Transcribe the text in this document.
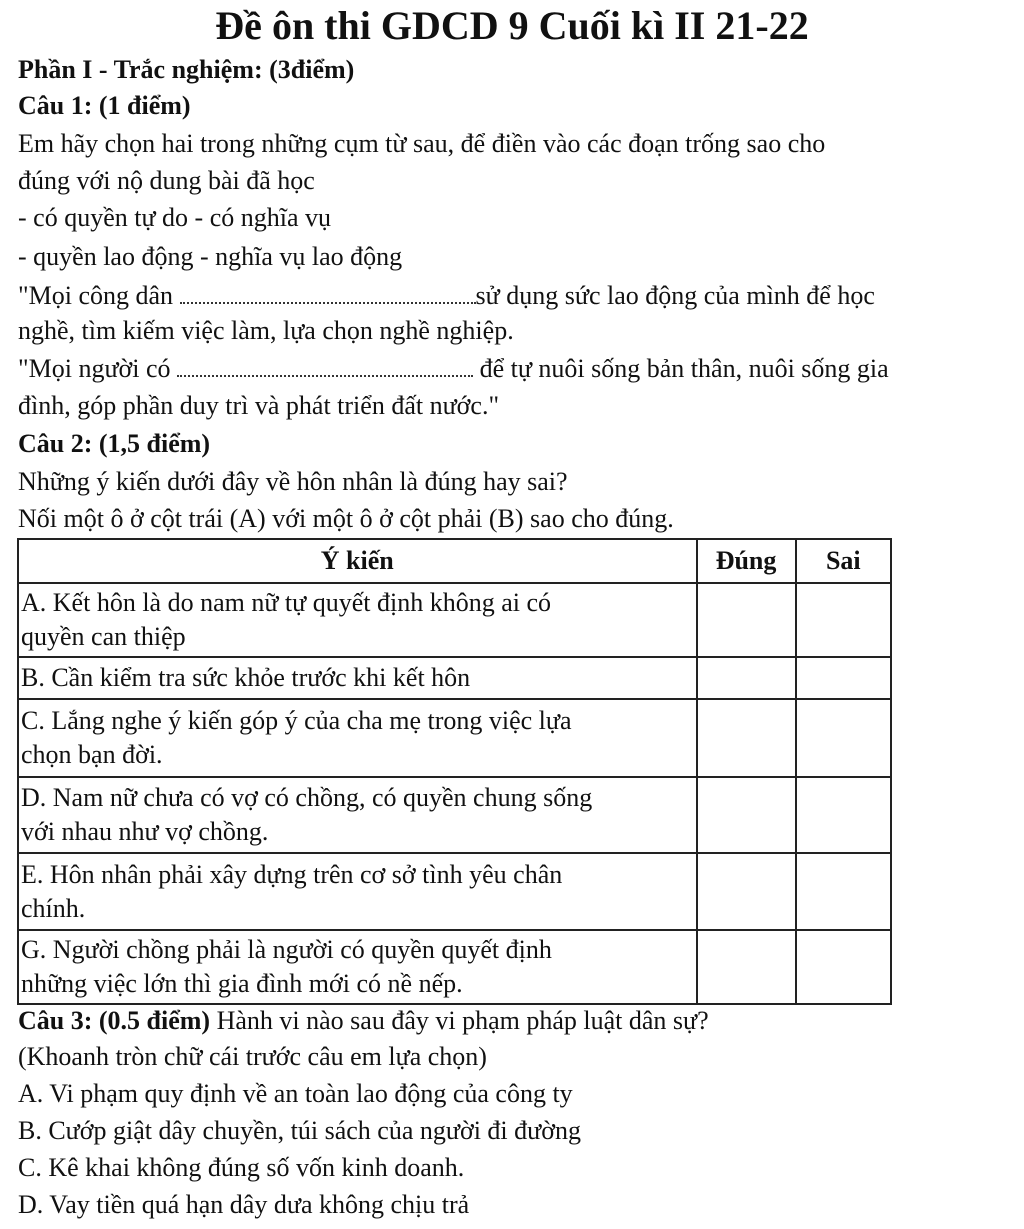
Đề ôn thi GDCD 9 Cuối kì II 21-22
Phần I - Trắc nghiệm: (3điểm)
Câu 1: (1 điểm)
Em hãy chọn hai trong những cụm từ sau, để điền vào các đoạn trống sao cho
đúng với nộ dung bài đã học
- có quyền tự do - có nghĩa vụ
- quyền lao động - nghĩa vụ lao động
"Mọi công dân	sử dụng sức lao động của mình để học
nghề, tìm kiếm việc làm, lựa chọn nghề nghiệp.
"Mọi người có	để tự nuôi sống bản thân, nuôi sống gia
đình, góp phần duy trì và phát triển đất nước."
Câu 2: (1,5 điểm)
Những ý kiến dưới đây về hôn nhân là đúng hay sai?
Nối một ô ở cột trái (A) với một ô ở cột phải (B) sao cho đúng.
Ý kiến	Đúng	Sai

A. Kết hôn là do nam nữ tự quyết định không ai có
quyền can thiệp		

B. Cần kiểm tra sức khỏe trước khi kết hôn		

C. Lắng nghe ý kiến góp ý của cha mẹ trong việc lựa
chọn bạn đời.		

D. Nam nữ chưa có vợ có chồng, có quyền chung sống
với nhau như vợ chồng.		

E. Hôn nhân phải xây dựng trên cơ sở tình yêu chân
chính.		

G. Người chồng phải là người có quyền quyết định
những việc lớn thì gia đình mới có nề nếp.		

Câu 3: (0.5 điểm) Hành vi nào sau đây vi phạm pháp luật dân sự?
(Khoanh tròn chữ cái trước câu em lựa chọn)
A. Vi phạm quy định về an toàn lao động của công ty
B. Cướp giật dây chuyền, túi sách của người đi đường
C. Kê khai không đúng số vốn kinh doanh.
D. Vay tiền quá hạn dây dưa không chịu trả
